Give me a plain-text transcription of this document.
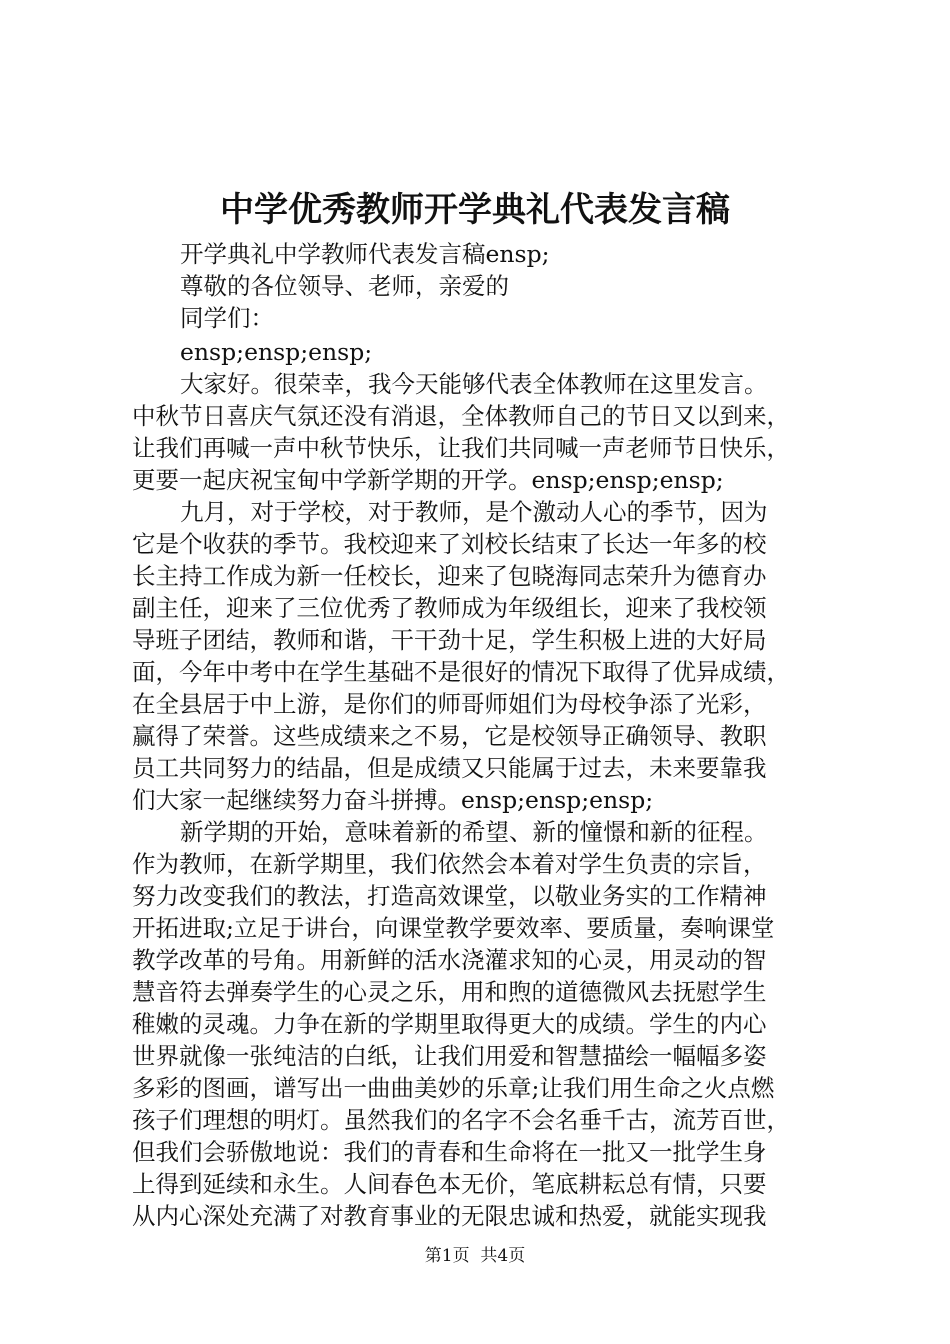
中学优秀教师开学典礼代表发言稿

开学典礼中学教师代表发言稿ensp;

尊敬的各位领导、老师，亲爱的

同学们：

ensp;ensp;ensp;

大家好。很荣幸，我今天能够代表全体教师在这里发言。

中秋节日喜庆气氛还没有消退，全体教师自己的节日又以到来，

让我们再喊一声中秋节快乐，让我们共同喊一声老师节日快乐，

更要一起庆祝宝甸中学新学期的开学。ensp;ensp;ensp;

九月，对于学校，对于教师，是个激动人心的季节，因为

它是个收获的季节。我校迎来了刘校长结束了长达一年多的校

长主持工作成为新一任校长，迎来了包晓海同志荣升为德育办

副主任，迎来了三位优秀了教师成为年级组长，迎来了我校领

导班子团结，教师和谐，干干劲十足，学生积极上进的大好局

面，今年中考中在学生基础不是很好的情况下取得了优异成绩，

在全县居于中上游，是你们的师哥师姐们为母校争添了光彩，

赢得了荣誉。这些成绩来之不易，它是校领导正确领导、教职

员工共同努力的结晶，但是成绩又只能属于过去，未来要靠我

们大家一起继续努力奋斗拼搏。ensp;ensp;ensp;

新学期的开始，意味着新的希望、新的憧憬和新的征程。

作为教师，在新学期里，我们依然会本着对学生负责的宗旨，

努力改变我们的教法，打造高效课堂，以敬业务实的工作精神

开拓进取;立足于讲台，向课堂教学要效率、要质量，奏响课堂

教学改革的号角。用新鲜的活水浇灌求知的心灵，用灵动的智

慧音符去弹奏学生的心灵之乐，用和煦的道德微风去抚慰学生

稚嫩的灵魂。力争在新的学期里取得更大的成绩。学生的内心

世界就像一张纯洁的白纸，让我们用爱和智慧描绘一幅幅多姿

多彩的图画，谱写出一曲曲美妙的乐章;让我们用生命之火点燃

孩子们理想的明灯。虽然我们的名字不会名垂千古，流芳百世，

但我们会骄傲地说：我们的青春和生命将在一批又一批学生身

上得到延续和永生。人间春色本无价，笔底耕耘总有情，只要

从内心深处充满了对教育事业的无限忠诚和热爱，就能实现我

第1页  共4页
